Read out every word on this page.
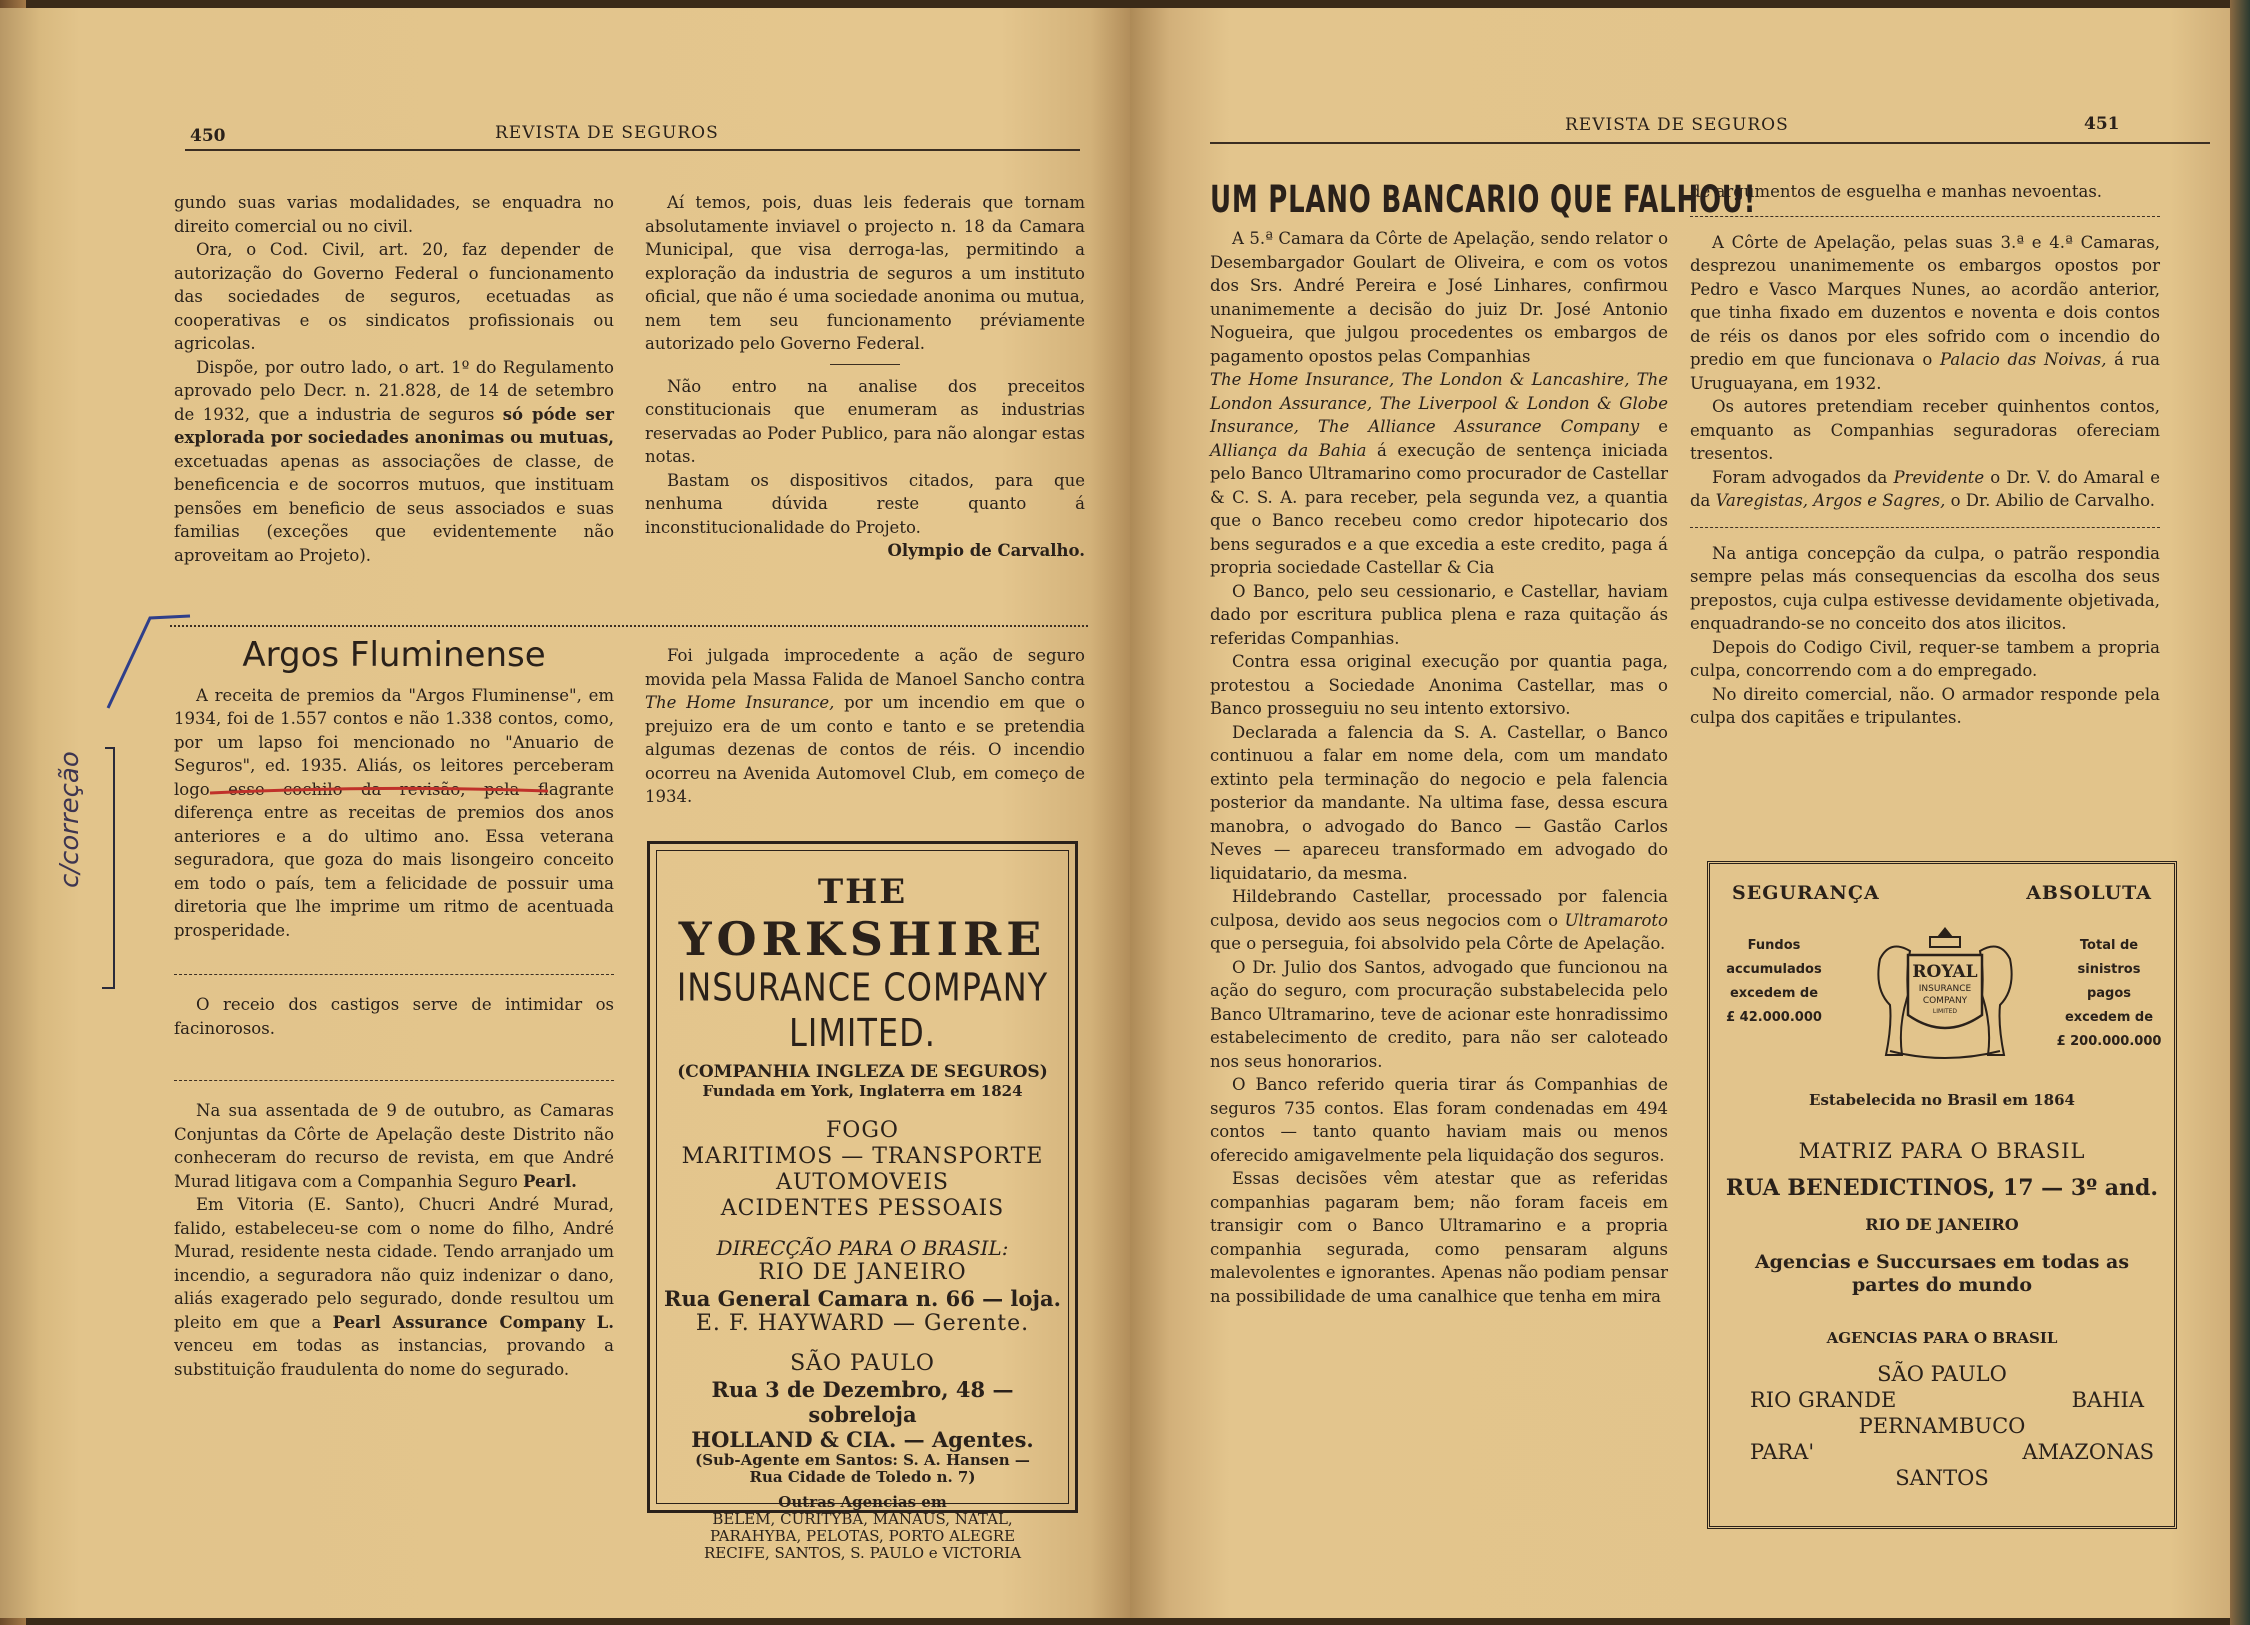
450	REVISTA DE SEGUROS

gundo suas varias modalidades, se enquadra no direito comercial ou no civil.

Ora, o Cod. Civil, art. 20, faz depender de autorização do Governo Federal o funcionamento das sociedades de seguros, ecetuadas as cooperativas e os sindicatos profissionais ou agricolas.

Dispõe, por outro lado, o art. 1º do Regulamento aprovado pelo Decr. n. 21.828, de 14 de setembro de 1932, que a industria de seguros só póde ser explorada por sociedades anonimas ou mutuas, excetuadas apenas as associações de classe, de beneficencia e de socorros mutuos, que instituam pensões em beneficio de seus associados e suas familias (exceções que evidentemente não aproveitam ao Projeto).

Aí temos, pois, duas leis federais que tornam absolutamente inviavel o projecto n. 18 da Camara Municipal, que visa derroga-las, permitindo a exploração da industria de seguros a um instituto oficial, que não é uma sociedade anonima ou mutua, nem tem seu funcionamento préviamente autorizado pelo Governo Federal.

Não entro na analise dos preceitos constitucionais que enumeram as industrias reservadas ao Poder Publico, para não alongar estas notas.

Bastam os dispositivos citados, para que nenhuma dúvida reste quanto á inconstitucionalidade do Projeto.

Olympio de Carvalho.

Argos Fluminense

A receita de premios da "Argos Fluminense", em 1934, foi de 1.557 contos e não 1.338 contos, como, por um lapso foi mencionado no "Anuario de Seguros", ed. 1935. Aliás, os leitores perceberam logo esse cochilo da revisão, pela flagrante diferença entre as receitas de premios dos anos anteriores e a do ultimo ano. Essa veterana seguradora, que goza do mais lisongeiro conceito em todo o país, tem a felicidade de possuir uma diretoria que lhe imprime um ritmo de acentuada prosperidade.

O receio dos castigos serve de intimidar os facinorosos.

Na sua assentada de 9 de outubro, as Camaras Conjuntas da Côrte de Apelação deste Distrito não conheceram do recurso de revista, em que André Murad litigava com a Companhia Seguro Pearl.

Em Vitoria (E. Santo), Chucri André Murad, falido, estabeleceu-se com o nome do filho, André Murad, residente nesta cidade. Tendo arranjado um incendio, a seguradora não quiz indenizar o dano, aliás exagerado pelo segurado, donde resultou um pleito em que a Pearl Assurance Company L. venceu em todas as instancias, provando a substituição fraudulenta do nome do segurado.

Foi julgada improcedente a ação de seguro movida pela Massa Falida de Manoel Sancho contra The Home Insurance, por um incendio em que o prejuizo era de um conto e tanto e se pretendia algumas dezenas de contos de réis. O incendio ocorreu na Avenida Automovel Club, em começo de 1934.

c/correção
THE
YORKSHIRE
INSURANCE COMPANY LIMITED.
(COMPANHIA INGLEZA DE SEGUROS)
Fundada em York, Inglaterra em 1824
FOGO
MARITIMOS — TRANSPORTE
AUTOMOVEIS
ACIDENTES PESSOAIS
DIRECÇÃO PARA O BRASIL:
RIO DE JANEIRO
Rua General Camara n. 66 — loja.
E. F. HAYWARD — Gerente.
SÃO PAULO
Rua 3 de Dezembro, 48 — sobreloja
HOLLAND & CIA. — Agentes.
(Sub-Agente em Santos: S. A. Hansen —
Rua Cidade de Toledo n. 7)
Outras Agencias em
BELEM, CURITYBA, MANAUS, NATAL,
PARAHYBA, PELOTAS, PORTO ALEGRE
RECIFE, SANTOS, S. PAULO e VICTORIA
REVISTA DE SEGUROS	451
UM PLANO BANCARIO QUE FALHOU!

A 5.ª Camara da Côrte de Apelação, sendo relator o Desembargador Goulart de Oliveira, e com os votos dos Srs. André Pereira e José Linhares, confirmou unanimemente a decisão do juiz Dr. José Antonio Nogueira, que julgou procedentes os embargos de pagamento opostos pelas Companhias

The Home Insurance, The London & Lancashire, The London Assurance, The Liverpool & London & Globe Insurance, The Alliance Assurance Company e Alliança da Bahia á execução de sentença iniciada pelo Banco Ultramarino como procurador de Castellar & C. S. A. para receber, pela segunda vez, a quantia que o Banco recebeu como credor hipotecario dos bens segurados e a que excedia a este credito, paga á propria sociedade Castellar & Cia

O Banco, pelo seu cessionario, e Castellar, haviam dado por escritura publica plena e raza quitação ás referidas Companhias.

Contra essa original execução por quantia paga, protestou a Sociedade Anonima Castellar, mas o Banco prosseguiu no seu intento extorsivo.

Declarada a falencia da S. A. Castellar, o Banco continuou a falar em nome dela, com um mandato extinto pela terminação do negocio e pela falencia posterior da mandante. Na ultima fase, dessa escura manobra, o advogado do Banco — Gastão Carlos Neves — apareceu transformado em advogado do liquidatario, da mesma.

Hildebrando Castellar, processado por falencia culposa, devido aos seus negocios com o Ultramaroto que o perseguia, foi absolvido pela Côrte de Apelação.

O Dr. Julio dos Santos, advogado que funcionou na ação do seguro, com procuração substabelecida pelo Banco Ultramarino, teve de acionar este honradissimo estabelecimento de credito, para não ser caloteado nos seus honorarios.

O Banco referido queria tirar ás Companhias de seguros 735 contos. Elas foram condenadas em 494 contos — tanto quanto haviam mais ou menos oferecido amigavelmente pela liquidação dos seguros.

Essas decisões vêm atestar que as referidas companhias pagaram bem; não foram faceis em transigir com o Banco Ultramarino e a propria companhia segurada, como pensaram alguns malevolentes e ignorantes. Apenas não podiam pensar na possibilidade de uma canalhice que tenha em mira

de argumentos de esguelha e manhas nevoentas.

A Côrte de Apelação, pelas suas 3.ª e 4.ª Camaras, desprezou unanimemente os embargos opostos por Pedro e Vasco Marques Nunes, ao acordão anterior, que tinha fixado em duzentos e noventa e dois contos de réis os danos por eles sofrido com o incendio do predio em que funcionava o Palacio das Noivas, á rua Uruguayana, em 1932.

Os autores pretendiam receber quinhentos contos, emquanto as Companhias seguradoras ofereciam tresentos.

Foram advogados da Previdente o Dr. V. do Amaral e da Varegistas, Argos e Sagres, o Dr. Abilio de Carvalho.

Na antiga concepção da culpa, o patrão respondia sempre pelas más consequencias da escolha dos seus prepostos, cuja culpa estivesse devidamente objetivada, enquadrando-se no conceito dos atos ilicitos.

Depois do Codigo Civil, requer-se tambem a propria culpa, concorrendo com a do empregado.

No direito comercial, não. O armador responde pela culpa dos capitães e tripulantes.

SEGURANÇA	ABSOLUTA
Fundos
accumulados
excedem de
£ 42.000.000
Total de
sinistros pagos
excedem de
£ 200.000.000
ROYAL
INSURANCE
COMPANY
LIMITED
Estabelecida no Brasil em 1864
MATRIZ PARA O BRASIL
RUA BENEDICTINOS, 17 — 3º and.
RIO DE JANEIRO
Agencias e Succursaes em todas as partes do mundo
AGENCIAS PARA O BRASIL
SÃO PAULO
RIO GRANDE	BAHIA
PERNAMBUCO
PARA'	AMAZONAS
SANTOS
